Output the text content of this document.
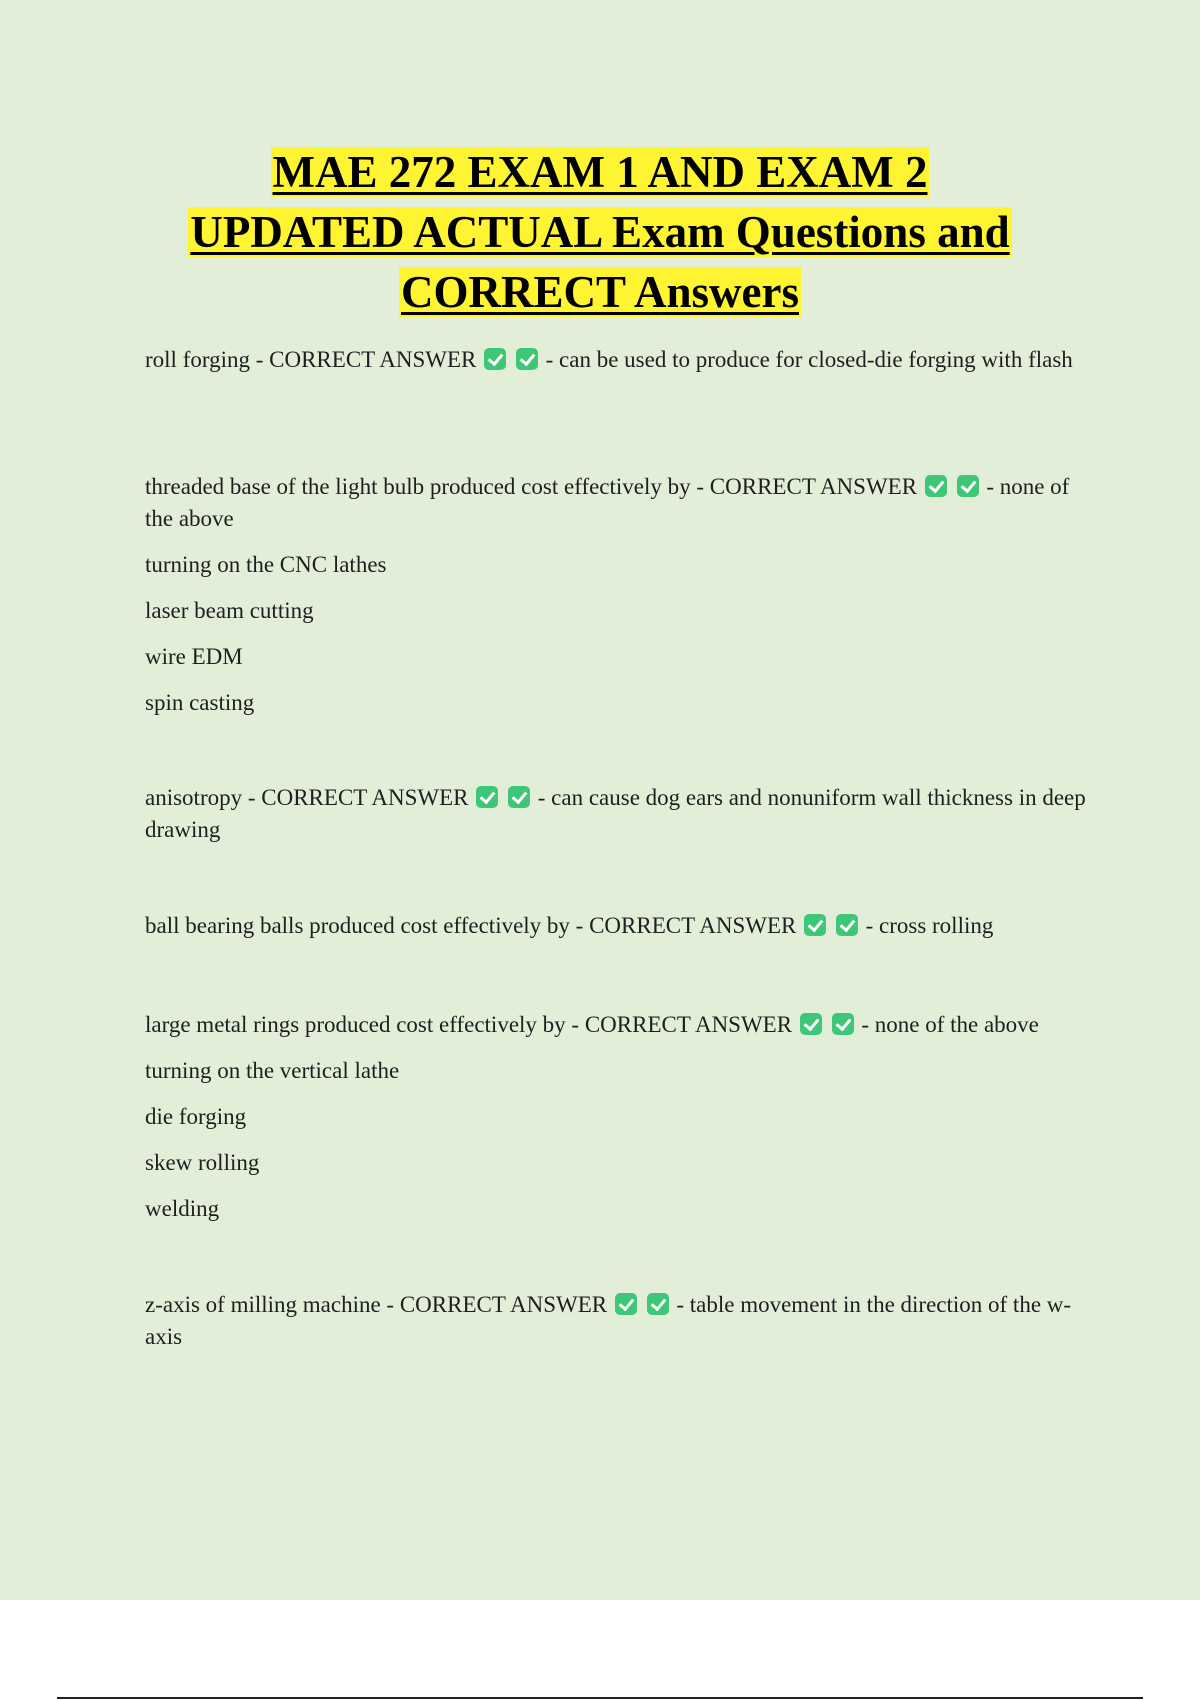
MAE 272 EXAM 1 AND EXAM 2
UPDATED ACTUAL Exam Questions and
CORRECT Answers

roll forging - CORRECT ANSWER	- can be used to produce for closed-die forging with flash

threaded base of the light bulb produced cost effectively by - CORRECT ANSWER	- none of the above

turning on the CNC lathes

laser beam cutting

wire EDM

spin casting

anisotropy - CORRECT ANSWER	- can cause dog ears and nonuniform wall thickness in deep drawing

ball bearing balls produced cost effectively by - CORRECT ANSWER	- cross rolling

large metal rings produced cost effectively by - CORRECT ANSWER	- none of the above

turning on the vertical lathe

die forging

skew rolling

welding

z-axis of milling machine - CORRECT ANSWER	- table movement in the direction of the w-axis
